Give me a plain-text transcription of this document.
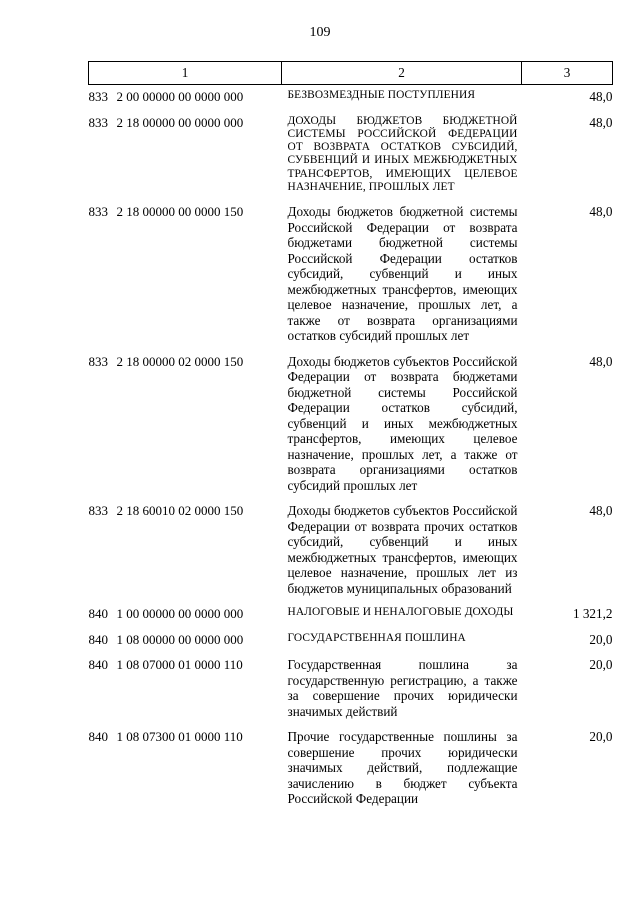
109
1	2	3
833 2 00 00000 00 0000 000	БЕЗВОЗМЕЗДНЫЕ ПОСТУПЛЕНИЯ	48,0
833 2 18 00000 00 0000 000	ДОХОДЫ БЮДЖЕТОВ БЮДЖЕТНОЙ СИСТЕМЫ РОССИЙСКОЙ ФЕДЕРАЦИИ ОТ ВОЗВРАТА ОСТАТКОВ СУБСИДИЙ, СУБВЕНЦИЙ И ИНЫХ МЕЖБЮДЖЕТНЫХ ТРАНСФЕРТОВ, ИМЕЮЩИХ ЦЕЛЕВОЕ НАЗНАЧЕНИЕ, ПРОШЛЫХ ЛЕТ	48,0
833 2 18 00000 00 0000 150	Доходы бюджетов бюджетной системы Российской Федерации от возврата бюджетами бюджетной системы Российской Федерации остатков субсидий, субвенций и иных межбюджетных трансфертов, имеющих целевое назначение, прошлых лет, а также от возврата организациями остатков субсидий прошлых лет	48,0
833 2 18 00000 02 0000 150	Доходы бюджетов субъектов Российской Федерации от возврата бюджетами бюджетной системы Российской Федерации остатков субсидий, субвенций и иных межбюджетных трансфертов, имеющих целевое назначение, прошлых лет, а также от возврата организациями остатков субсидий прошлых лет	48,0
833 2 18 60010 02 0000 150	Доходы бюджетов субъектов Российской Федерации от возврата прочих остатков субсидий, субвенций и иных межбюджетных трансфертов, имеющих целевое назначение, прошлых лет из бюджетов муниципальных образований	48,0
840 1 00 00000 00 0000 000	НАЛОГОВЫЕ И НЕНАЛОГОВЫЕ ДОХОДЫ	1 321,2
840 1 08 00000 00 0000 000	ГОСУДАРСТВЕННАЯ ПОШЛИНА	20,0
840 1 08 07000 01 0000 110	Государственная пошлина за государственную регистрацию, а также за совершение прочих юридически значимых действий	20,0
840 1 08 07300 01 0000 110	Прочие государственные пошлины за совершение прочих юридически значимых действий, подлежащие зачислению в бюджет субъекта Российской Федерации	20,0
